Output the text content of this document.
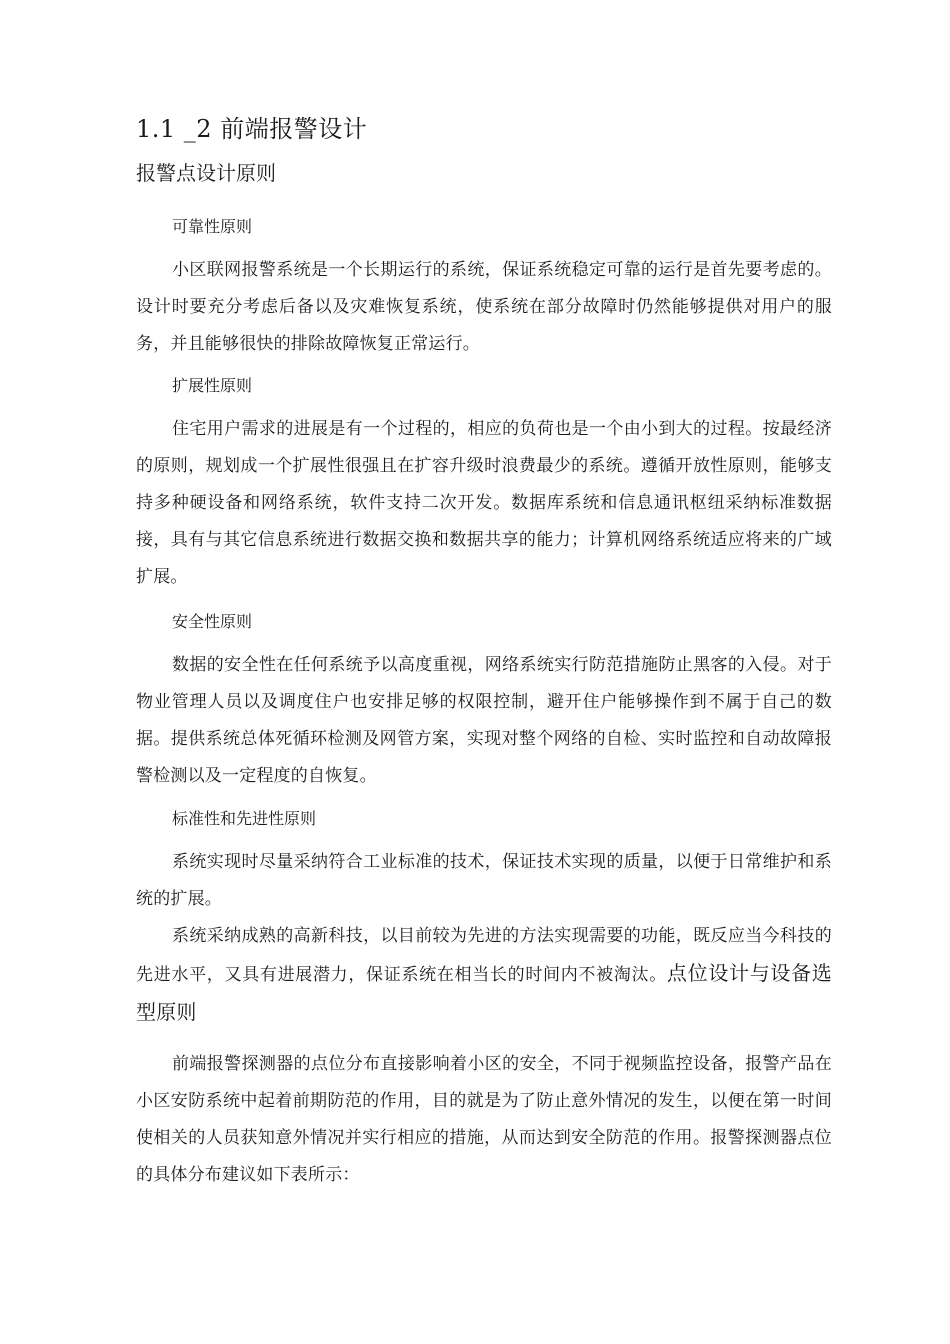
1.1 _2 前端报警设计
报警点设计原则
可靠性原则

小区联网报警系统是一个长期运行的系统，保证系统稳定可靠的运行是首先要考虑的。设计时要充分考虑后备以及灾难恢复系统，使系统在部分故障时仍然能够提供对用户的服务，并且能够很快的排除故障恢复正常运行。

扩展性原则

住宅用户需求的进展是有一个过程的，相应的负荷也是一个由小到大的过程。按最经济的原则，规划成一个扩展性很强且在扩容升级时浪费最少的系统。遵循开放性原则，能够支持多种硬设备和网络系统，软件支持二次开发。数据库系统和信息通讯枢纽采纳标准数据接，具有与其它信息系统进行数据交换和数据共享的能力；计算机网络系统适应将来的广域扩展。

安全性原则

数据的安全性在任何系统予以高度重视，网络系统实行防范措施防止黑客的入侵。对于物业管理人员以及调度住户也安排足够的权限控制，避开住户能够操作到不属于自己的数据。提供系统总体死循环检测及网管方案，实现对整个网络的自检、实时监控和自动故障报警检测以及一定程度的自恢复。

标准性和先进性原则

系统实现时尽量采纳符合工业标准的技术，保证技术实现的质量，以便于日常维护和系统的扩展。

系统采纳成熟的高新科技，以目前较为先进的方法实现需要的功能，既反应当今科技的先进水平，又具有进展潜力，保证系统在相当长的时间内不被淘汰。点位设计与设备选型原则

前端报警探测器的点位分布直接影响着小区的安全，不同于视频监控设备，报警产品在小区安防系统中起着前期防范的作用，目的就是为了防止意外情况的发生，以便在第一时间使相关的人员获知意外情况并实行相应的措施，从而达到安全防范的作用。报警探测器点位的具体分布建议如下表所示：
